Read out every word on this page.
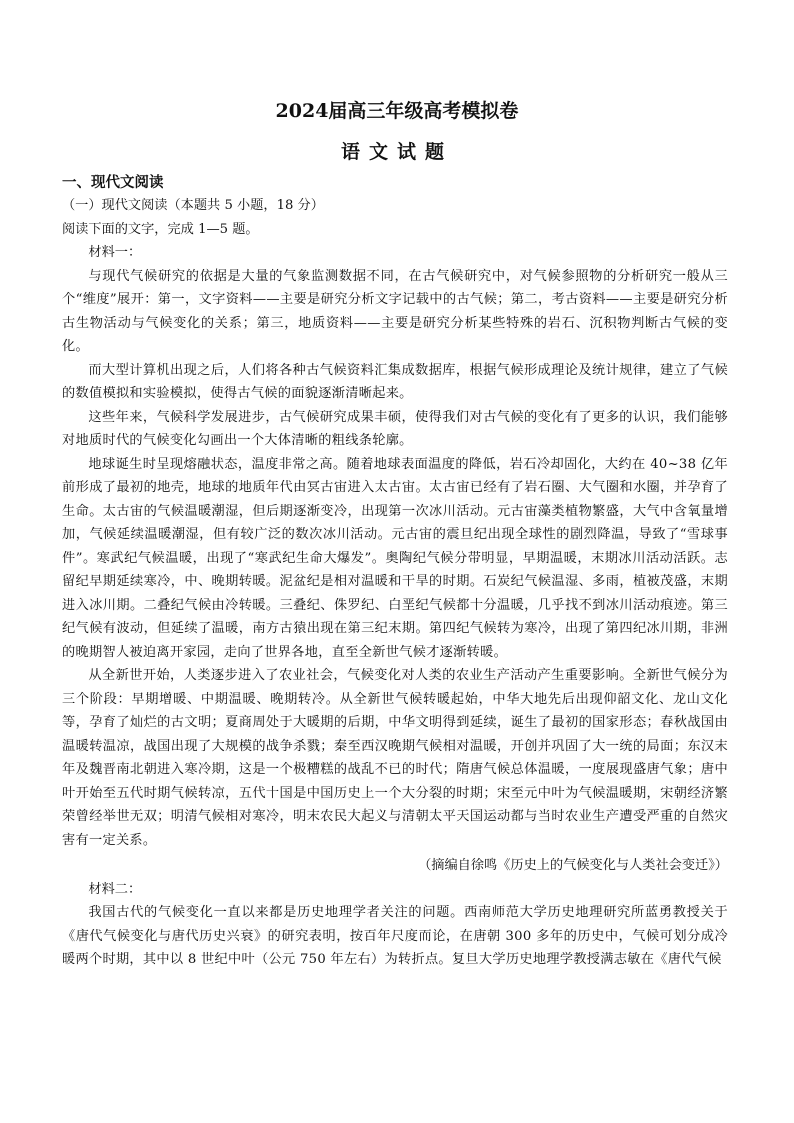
2024届高三年级高考模拟卷
语文试题

一、现代文阅读

（一）现代文阅读（本题共 5 小题，18 分）

阅读下面的文字，完成 1—5 题。

材料一：

与现代气候研究的依据是大量的气象监测数据不同，在古气候研究中，对气候参照物的分析研究一般从三个“维度”展开：第一，文字资料——主要是研究分析文字记载中的古气候；第二，考古资料——主要是研究分析古生物活动与气候变化的关系；第三，地质资料——主要是研究分析某些特殊的岩石、沉积物判断古气候的变化。

而大型计算机出现之后，人们将各种古气候资料汇集成数据库，根据气候形成理论及统计规律，建立了气候的数值模拟和实验模拟，使得古气候的面貌逐渐清晰起来。

这些年来，气候科学发展进步，古气候研究成果丰硕，使得我们对古气候的变化有了更多的认识，我们能够对地质时代的气候变化勾画出一个大体清晰的粗线条轮廓。

地球诞生时呈现熔融状态，温度非常之高。随着地球表面温度的降低，岩石冷却固化，大约在 40~38 亿年前形成了最初的地壳，地球的地质年代由冥古宙进入太古宙。太古宙已经有了岩石圈、大气圈和水圈，并孕育了生命。太古宙的气候温暖潮湿，但后期逐渐变冷，出现第一次冰川活动。元古宙藻类植物繁盛，大气中含氧量增加，气候延续温暖潮湿，但有较广泛的数次冰川活动。元古宙的震旦纪出现全球性的剧烈降温，导致了“雪球事件”。寒武纪气候温暖，出现了“寒武纪生命大爆发”。奥陶纪气候分带明显，早期温暖，末期冰川活动活跃。志留纪早期延续寒冷，中、晚期转暖。泥盆纪是相对温暖和干旱的时期。石炭纪气候温湿、多雨，植被茂盛，末期进入冰川期。二叠纪气候由冷转暖。三叠纪、侏罗纪、白垩纪气候都十分温暖，几乎找不到冰川活动痕迹。第三纪气候有波动，但延续了温暖，南方古猿出现在第三纪末期。第四纪气候转为寒冷，出现了第四纪冰川期，非洲的晚期智人被迫离开家园，走向了世界各地，直至全新世气候才逐渐转暖。

从全新世开始，人类逐步进入了农业社会，气候变化对人类的农业生产活动产生重要影响。全新世气候分为三个阶段：早期增暖、中期温暖、晚期转冷。从全新世气候转暖起始，中华大地先后出现仰韶文化、龙山文化等，孕育了灿烂的古文明；夏商周处于大暖期的后期，中华文明得到延续，诞生了最初的国家形态；春秋战国由温暖转温凉，战国出现了大规模的战争杀戮；秦至西汉晚期气候相对温暖，开创并巩固了大一统的局面；东汉末年及魏晋南北朝进入寒冷期，这是一个极糟糕的战乱不已的时代；隋唐气候总体温暖，一度展现盛唐气象；唐中叶开始至五代时期气候转凉，五代十国是中国历史上一个大分裂的时期；宋至元中叶为气候温暖期，宋朝经济繁荣曾经举世无双；明清气候相对寒冷，明末农民大起义与清朝太平天国运动都与当时农业生产遭受严重的自然灾害有一定关系。

（摘编自徐鸣《历史上的气候变化与人类社会变迁》）

材料二：

我国古代的气候变化一直以来都是历史地理学者关注的问题。西南师范大学历史地理研究所蓝勇教授关于《唐代气候变化与唐代历史兴衰》的研究表明，按百年尺度而论，在唐朝 300 多年的历史中，气候可划分成冷暖两个时期，其中以 8 世纪中叶（公元 750 年左右）为转折点。复旦大学历史地理学教授满志敏在《唐代气候
